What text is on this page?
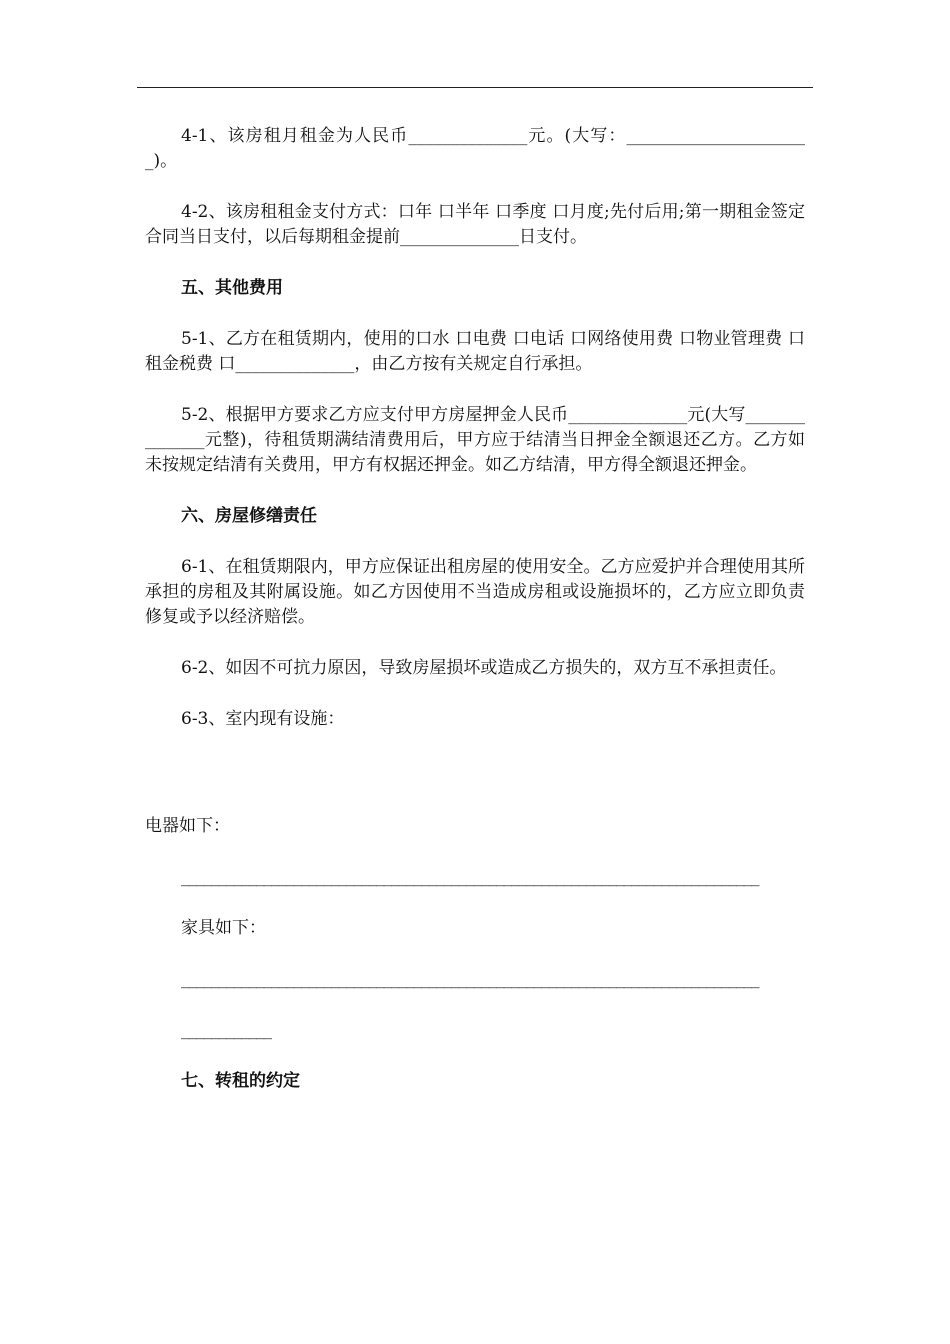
4-1、该房租月租金为人民币______________元。(大写：______________________)。

4-2、该房租租金支付方式：口年 口半年 口季度 口月度;先付后用;第一期租金签定合同当日支付，以后每期租金提前______________日支付。

五、其他费用

5-1、乙方在租赁期内，使用的口水 口电费 口电话 口网络使用费 口物业管理费 口租金税费 口______________，由乙方按有关规定自行承担。

5-2、根据甲方要求乙方应支付甲方房屋押金人民币______________元(大写______________元整)，待租赁期满结清费用后，甲方应于结清当日押金全额退还乙方。乙方如未按规定结清有关费用，甲方有权据还押金。如乙方结清，甲方得全额退还押金。

六、房屋修缮责任

6-1、在租赁期限内，甲方应保证出租房屋的使用安全。乙方应爱护并合理使用其所承担的房租及其附属设施。如乙方因使用不当造成房租或设施损坏的，乙方应立即负责修复或予以经济赔偿。

6-2、如因不可抗力原因，导致房屋损坏或造成乙方损失的，双方互不承担责任。

6-3、室内现有设施：

电器如下：

_____________________________________________________________________________

家具如下：

_____________________________________________________________________________

____________

七、转租的约定
